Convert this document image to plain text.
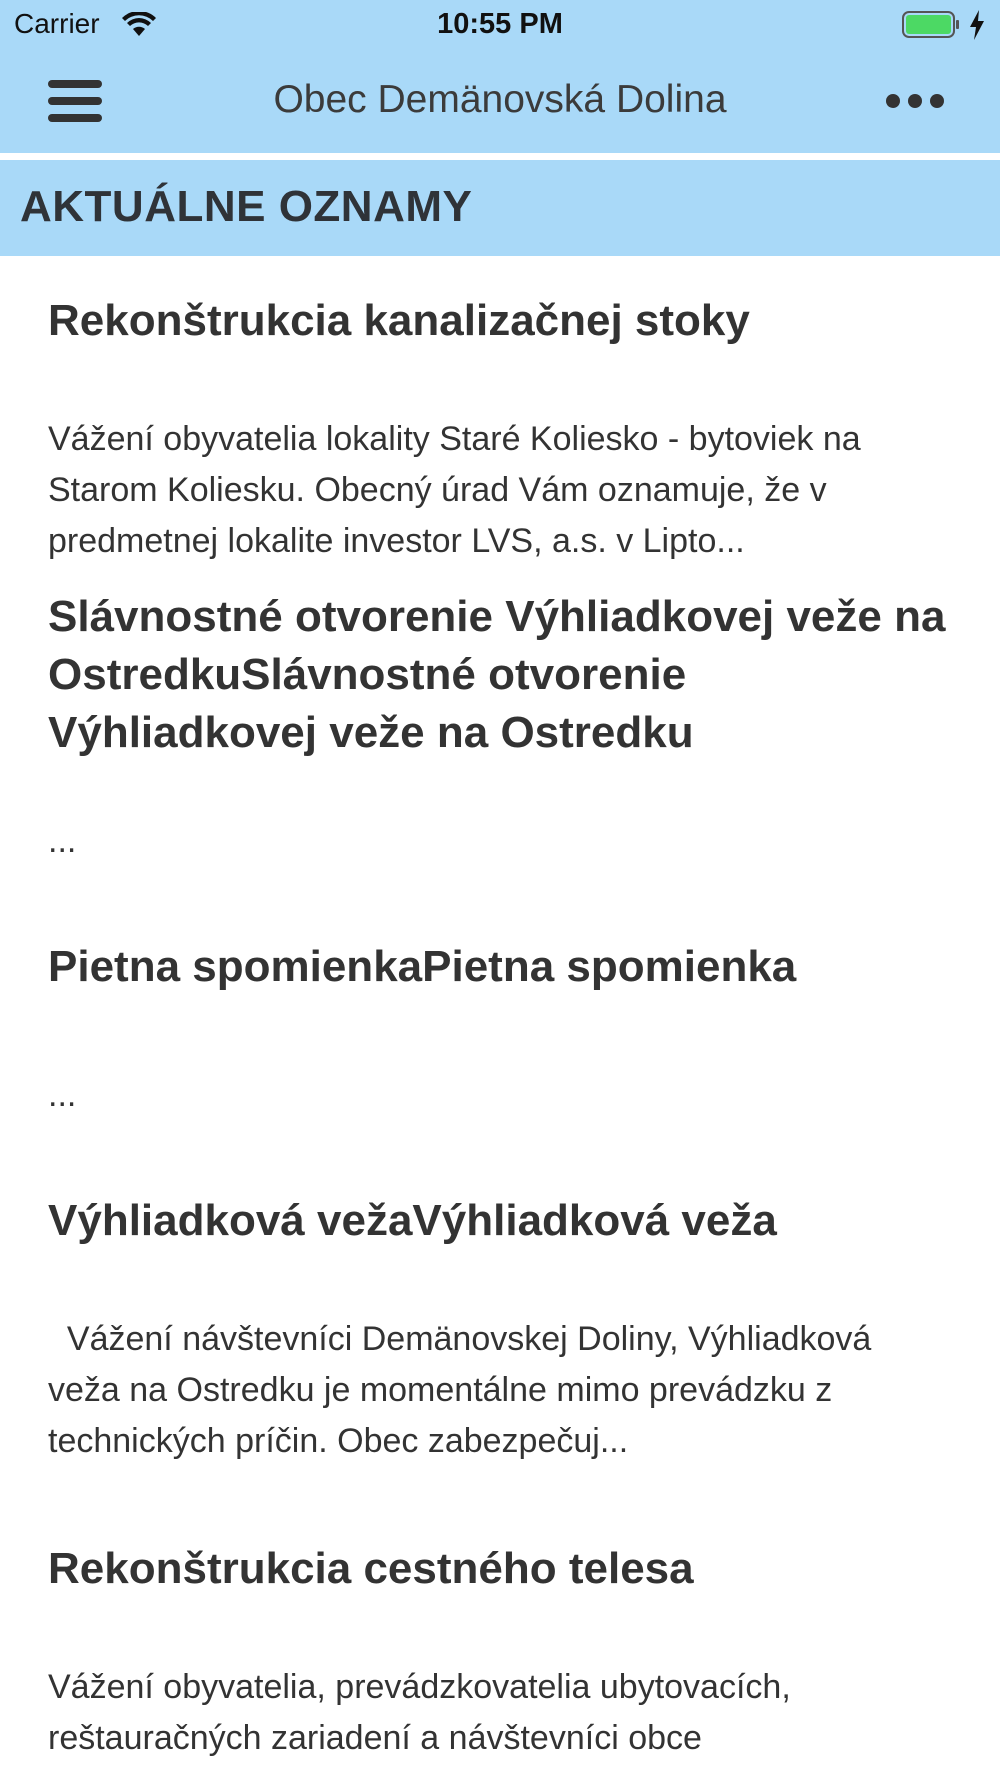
Carrier	10:55 PM
Obec Demänovská Dolina
AKTUÁLNE OZNAMY

Rekonštrukcia kanalizačnej stoky

Vážení obyvatelia lokality Staré Koliesko - bytoviek na Starom Koliesku. Obecný úrad Vám oznamuje, že v predmetnej lokalite investor LVS, a.s. v Lipto...

Slávnostné otvorenie Výhliadkovej veže na OstredkuSlávnostné otvorenie Výhliadkovej veže na Ostredku

...

Pietna spomienkaPietna spomienka

...

Výhliadková vežaVýhliadková veža

Vážení návštevníci Demänovskej Doliny, Výhliadková veža na Ostredku je momentálne mimo prevádzku z technických príčin. Obec zabezpečuj...

Rekonštrukcia cestného telesa

Vážení obyvatelia, prevádzkovatelia ubytovacích, reštauračných zariadení a návštevníci obce
